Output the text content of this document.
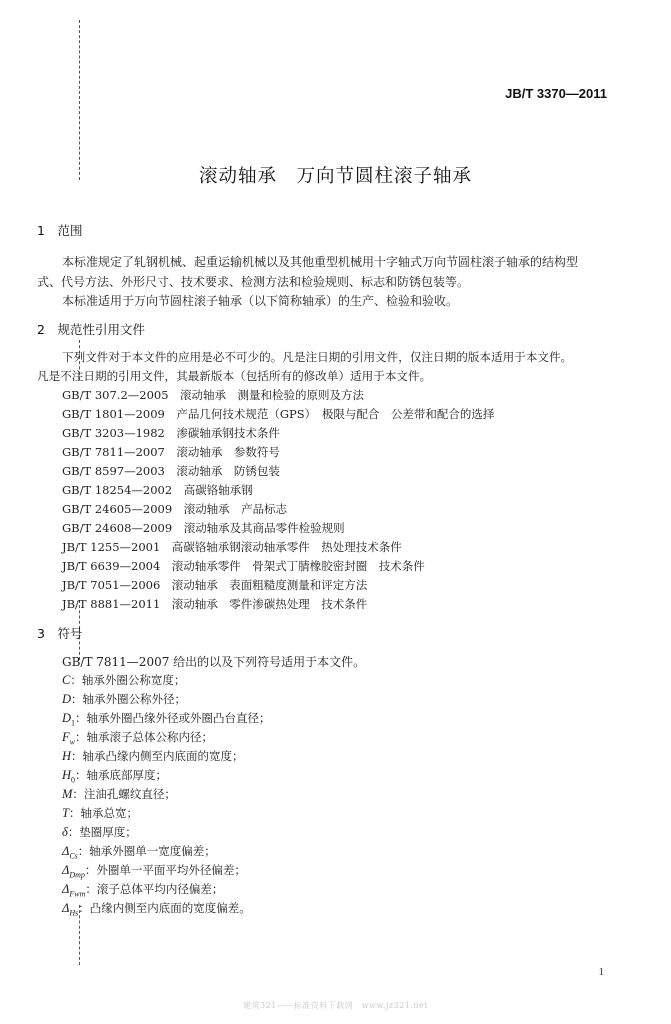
JB/T 3370—2011
滚动轴承　万向节圆柱滚子轴承
1　范围
本标准规定了轧钢机械、起重运输机械以及其他重型机械用十字轴式万向节圆柱滚子轴承的结构型
式、代号方法、外形尺寸、技术要求、检测方法和检验规则、标志和防锈包装等。
本标准适用于万向节圆柱滚子轴承（以下简称轴承）的生产、检验和验收。
2　规范性引用文件
下列文件对于本文件的应用是必不可少的。凡是注日期的引用文件，仅注日期的版本适用于本文件。
凡是不注日期的引用文件，其最新版本（包括所有的修改单）适用于本文件。
GB/T 307.2—2005　滚动轴承　测量和检验的原则及方法
GB/T 1801—2009　产品几何技术规范（GPS）　极限与配合　公差带和配合的选择
GB/T 3203—1982　渗碳轴承钢技术条件
GB/T 7811—2007　滚动轴承　参数符号
GB/T 8597—2003　滚动轴承　防锈包装
GB/T 18254—2002　高碳铬轴承钢
GB/T 24605—2009　滚动轴承　产品标志
GB/T 24608—2009　滚动轴承及其商品零件检验规则
JB/T 1255—2001　高碳铬轴承钢滚动轴承零件　热处理技术条件
JB/T 6639—2004　滚动轴承零件　骨架式丁腈橡胶密封圈　技术条件
JB/T 7051—2006　滚动轴承　表面粗糙度测量和评定方法
JB/T 8881—2011　滚动轴承　零件渗碳热处理　技术条件
3　符号
GB/T 7811—2007 给出的以及下列符号适用于本文件。
C：轴承外圈公称宽度；
D：轴承外圈公称外径；
$D_1$：轴承外圈凸缘外径或外圈凸台直径；
$F_w$：轴承滚子总体公称内径；
H：轴承凸缘内侧至内底面的宽度；
$H_0$：轴承底部厚度；
M：注油孔螺纹直径；
T：轴承总宽；
δ：垫圈厚度；
$\Delta_{Cs}$：轴承外圈单一宽度偏差；
$\Delta_{Dmp}$：外圈单一平面平均外径偏差；
$\Delta_{Fwm}$：滚子总体平均内径偏差；
$\Delta_{Hs}$：凸缘内侧至内底面的宽度偏差。
1
建筑321——标准资料下载网　www.jz321.net
